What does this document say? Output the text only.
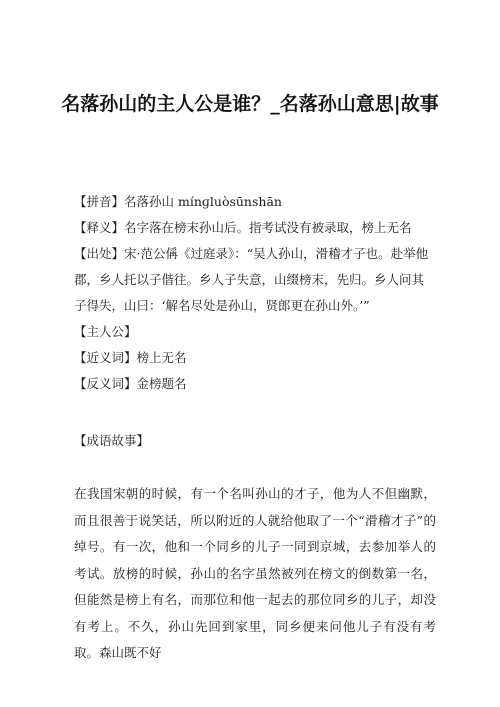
名落孙山的主人公是谁？_名落孙山意思|故事
【拼音】名落孙山 mínɡluòsūnshān
【释义】名字落在榜末孙山后。指考试没有被录取，榜上无名
【出处】宋·范公偁《过庭录》：“吴人孙山，滑稽才子也。赴举他郡，乡人托以子偕往。乡人子失意，山缀榜末，先归。乡人问其子得失，山曰：‘解名尽处是孙山，贤郎更在孙山外。’”
【主人公】
【近义词】榜上无名
【反义词】金榜题名
【成语故事】

在我国宋朝的时候，有一个名叫孙山的才子，他为人不但幽默，而且很善于说笑话，所以附近的人就给他取了一个“滑稽才子”的绰号。有一次，他和一个同乡的儿子一同到京城，去参加举人的考试。放榜的时候，孙山的名字虽然被列在榜文的倒数第一名，但能然是榜上有名，而那位和他一起去的那位同乡的儿子，却没有考上。不久，孙山先回到家里，同乡便来问他儿子有没有考取。森山既不好
